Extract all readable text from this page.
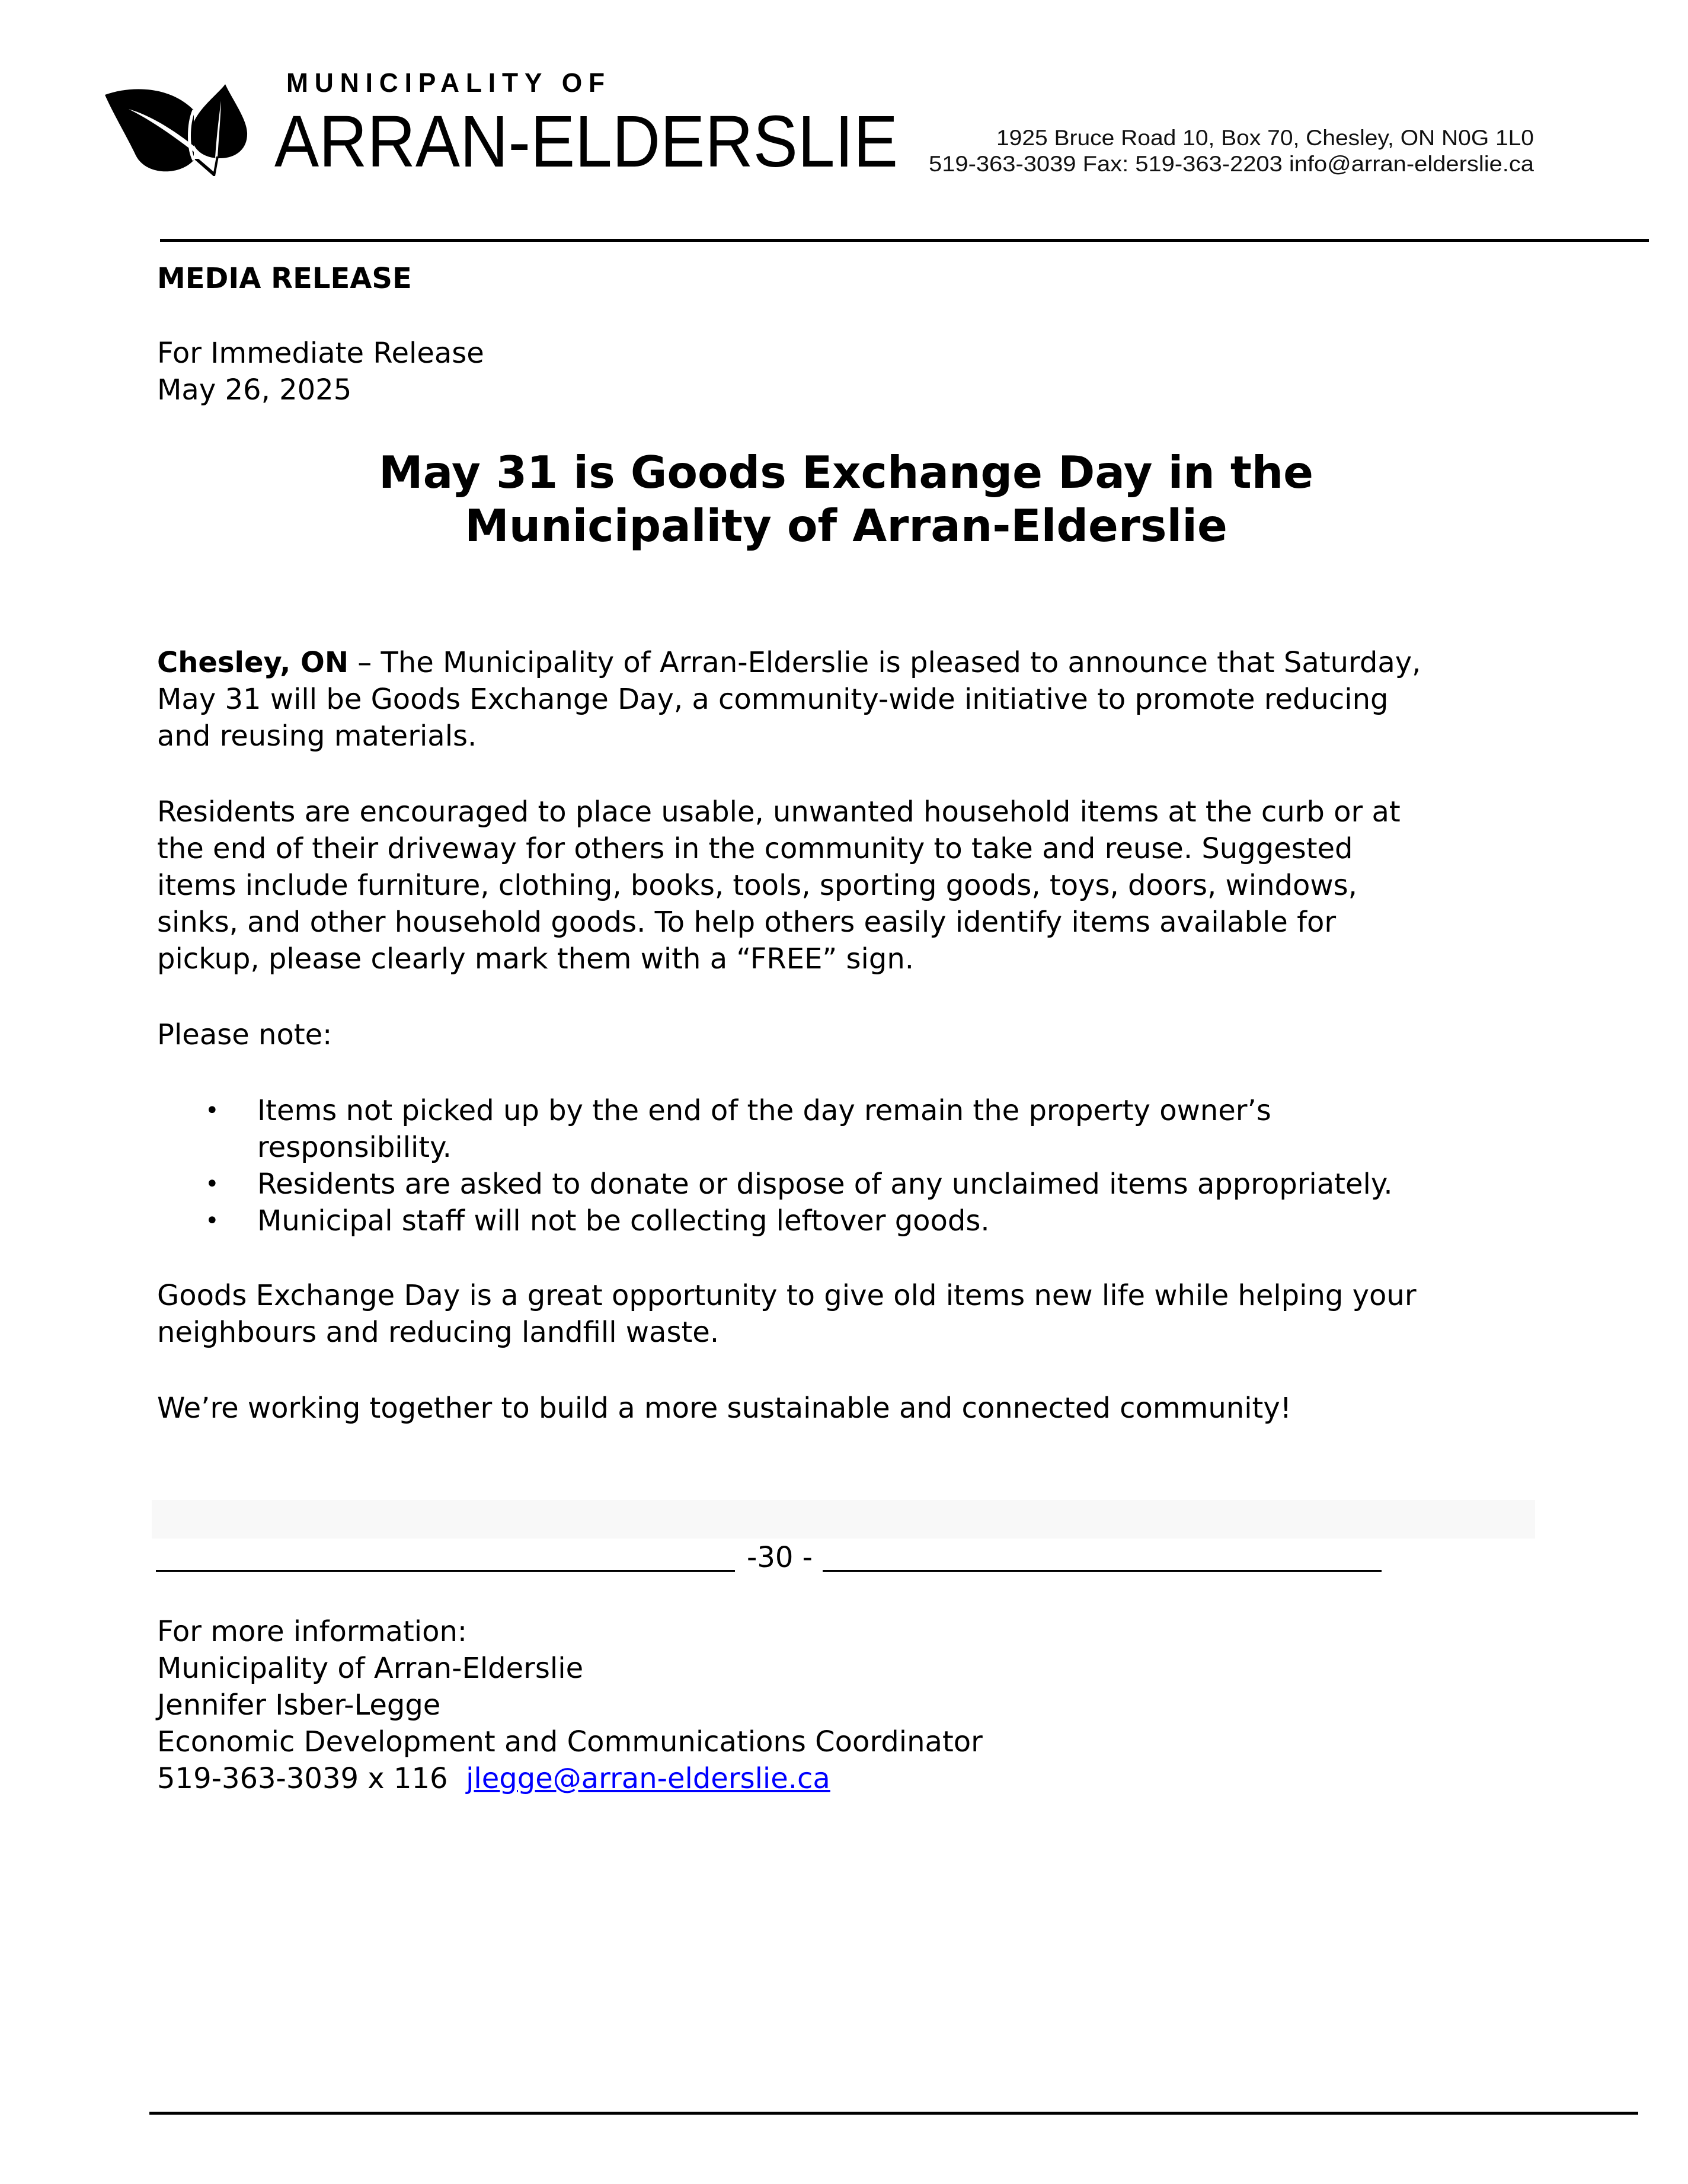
MUNICIPALITY OF
ARRAN-ELDERSLIE	1925 Bruce Road 10, Box 70, Chesley, ON N0G 1L0
519-363-3039 Fax: 519-363-2203 info@arran-elderslie.ca
MEDIA RELEASE
For Immediate Release
May 26, 2025
May 31 is Goods Exchange Day in the
Municipality of Arran-Elderslie
Chesley, ON – The Municipality of Arran-Elderslie is pleased to announce that Saturday,
May 31 will be Goods Exchange Day, a community-wide initiative to promote reducing
and reusing materials.
Residents are encouraged to place usable, unwanted household items at the curb or at
the end of their driveway for others in the community to take and reuse. Suggested
items include furniture, clothing, books, tools, sporting goods, toys, doors, windows,
sinks, and other household goods. To help others easily identify items available for
pickup, please clearly mark them with a “FREE” sign.
Please note:
• Items not picked up by the end of the day remain the property owner’s
responsibility.
• Residents are asked to donate or dispose of any unclaimed items appropriately.
• Municipal staff will not be collecting leftover goods.
Goods Exchange Day is a great opportunity to give old items new life while helping your
neighbours and reducing landfill waste.
We’re working together to build a more sustainable and connected community!
-30 -
For more information:
Municipality of Arran-Elderslie
Jennifer Isber-Legge
Economic Development and Communications Coordinator
519-363-3039 x 116 jlegge@arran-elderslie.ca
